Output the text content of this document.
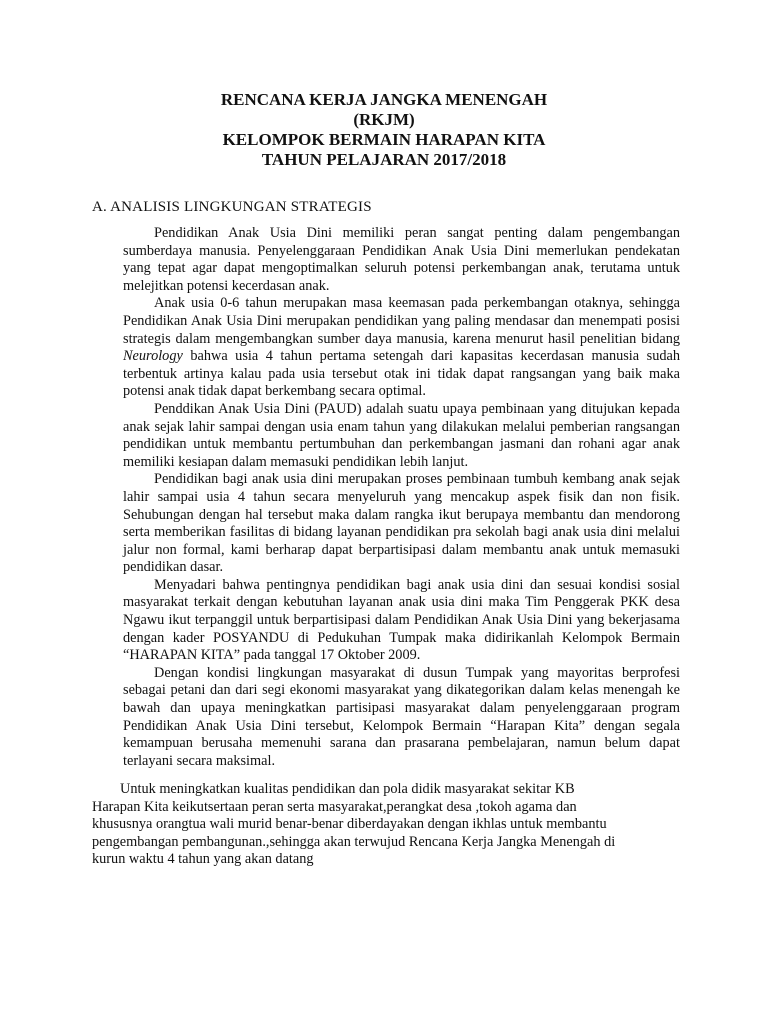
RENCANA KERJA JANGKA MENENGAH
(RKJM)
KELOMPOK BERMAIN HARAPAN KITA
TAHUN PELAJARAN 2017/2018
A. ANALISIS LINGKUNGAN STRATEGIS

Pendidikan Anak Usia Dini memiliki peran sangat penting dalam pengembangan sumberdaya manusia. Penyelenggaraan Pendidikan Anak Usia Dini memerlukan pendekatan yang tepat agar dapat mengoptimalkan seluruh potensi perkembangan anak, terutama untuk melejitkan potensi kecerdasan anak.

Anak usia 0-6 tahun merupakan masa keemasan pada perkembangan otaknya, sehingga Pendidikan Anak Usia Dini merupakan pendidikan yang paling mendasar dan menempati posisi strategis dalam mengembangkan sumber daya manusia, karena menurut hasil penelitian bidang Neurology bahwa usia 4 tahun pertama setengah dari kapasitas kecerdasan manusia sudah terbentuk artinya kalau pada usia tersebut otak ini tidak dapat rangsangan yang baik maka potensi anak tidak dapat berkembang secara optimal.

Penddikan Anak Usia Dini (PAUD) adalah suatu upaya pembinaan yang ditujukan kepada anak sejak lahir sampai dengan usia enam tahun yang dilakukan melalui pemberian rangsangan pendidikan untuk membantu pertumbuhan dan perkembangan jasmani dan rohani agar anak memiliki kesiapan dalam memasuki pendidikan lebih lanjut.

Pendidikan bagi anak usia dini merupakan proses pembinaan tumbuh kembang anak sejak lahir sampai usia 4 tahun secara menyeluruh yang mencakup aspek fisik dan non fisik. Sehubungan dengan hal tersebut maka dalam rangka ikut berupaya membantu dan mendorong serta memberikan fasilitas di bidang layanan pendidikan pra sekolah bagi anak usia dini melalui jalur non formal, kami berharap dapat berpartisipasi dalam membantu anak untuk memasuki pendidikan dasar.

Menyadari bahwa pentingnya pendidikan bagi anak usia dini dan sesuai kondisi sosial masyarakat terkait dengan kebutuhan layanan anak usia dini maka Tim Penggerak PKK desa Ngawu ikut terpanggil untuk berpartisipasi dalam Pendidikan Anak Usia Dini yang bekerjasama dengan kader POSYANDU di Pedukuhan Tumpak maka didirikanlah Kelompok Bermain “HARAPAN KITA” pada tanggal 17 Oktober 2009.

Dengan kondisi lingkungan masyarakat di dusun Tumpak yang mayoritas berprofesi sebagai petani dan dari segi ekonomi masyarakat yang dikategorikan dalam kelas menengah ke bawah dan upaya meningkatkan partisipasi masyarakat dalam penyelenggaraan program Pendidikan Anak Usia Dini tersebut, Kelompok Bermain “Harapan Kita” dengan segala kemampuan berusaha memenuhi sarana dan prasarana pembelajaran, namun belum dapat terlayani secara maksimal.

Untuk meningkatkan kualitas pendidikan dan pola didik masyarakat sekitar KB
Harapan Kita keikutsertaan peran serta masyarakat,perangkat desa ,tokoh agama dan
khususnya orangtua wali murid benar-benar diberdayakan dengan ikhlas untuk membantu
pengembangan pembangunan.,sehingga akan terwujud Rencana Kerja Jangka Menengah di
kurun waktu 4 tahun yang akan datang
